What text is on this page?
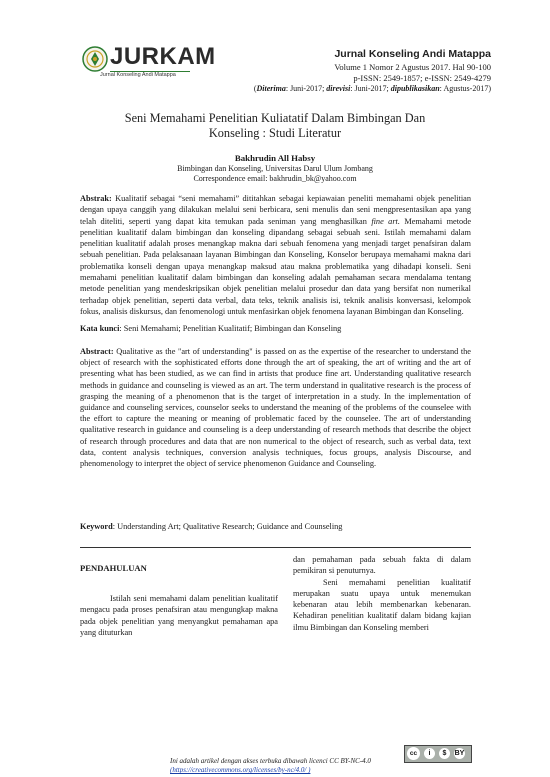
JURKAM
Jurnal Konseling Andi Matappa
Jurnal Konseling Andi Matappa
Volume 1 Nomor 2 Agustus 2017. Hal 90-100
p-ISSN: 2549-1857; e-ISSN: 2549-4279
(Diterima: Juni-2017; direvisi: Juni-2017; dipublikasikan: Agustus-2017)
Seni Memahami Penelitian Kuliatatif Dalam Bimbingan Dan
Konseling : Studi Literatur
Bakhrudin All Habsy
Bimbingan dan Konseling, Universitas Darul Ulum Jombang
Correspondence email: bakhrudin_bk@yahoo.com
Abstrak: Kualitatif sebagai “seni memahami” dititahkan sebagai kepiawaian peneliti memahami objek penelitian dengan upaya canggih yang dilakukan melalui seni berbicara, seni menulis dan seni mengpresentasikan apa yang telah diteliti, seperti yang dapat kita temukan pada seniman yang menghasilkan fine art. Memahami metode penelitian kualitatif dalam bimbingan dan konseling dipandang sebagai sebuah seni. Istilah memahami dalam penelitian kualitatif adalah proses menangkap makna dari sebuah fenomena yang menjadi target penafsiran dalam sebuah penelitian. Pada pelaksanaan layanan Bimbingan dan Konseling, Konselor berupaya memahami makna dari problematika konseli dengan upaya menangkap maksud atau makna problematika yang dihadapi konseli. Seni memahami penelitian kualitatif dalam bimbingan dan konseling adalah pemahaman secara mendalama tentang metode penelitian yang mendeskripsikan objek penelitian melalui prosedur dan data yang bersifat non numerikal terhadap objek penelitian, seperti data verbal, data teks, teknik analisis isi, teknik analisis konversasi, kelompok fokus, analisis diskursus, dan fenomenologi untuk menfasirkan objek fenomena layanan Bimbingan dan Konseling.
Kata kunci: Seni Memahami; Penelitian Kualitatif; Bimbingan dan Konseling
Abstract: Qualitative as the "art of understanding" is passed on as the expertise of the researcher to understand the object of research with the sophisticated efforts done through the art of speaking, the art of writing and the art of presenting what has been studied, as we can find in artists that produce fine art. Understanding qualitative research methods in guidance and counseling is viewed as an art. The term understand in qualitative research is the process of grasping the meaning of a phenomenon that is the target of interpretation in a study. In the implementation of guidance and counseling services, counselor seeks to understand the meaning of the problems of the counselee with the effort to capture the meaning or meaning of problematic faced by the counselee. The art of understanding qualitative research in guidance and counseling is a deep understanding of research methods that describe the object of research through procedures and data that are non numerical to the object of research, such as verbal data, text data, content analysis techniques, conversion analysis techniques, focus groups, analysis Discourse, and phenomenology to interpret the object of service phenomenon Guidance and Counseling.
Keyword: Understanding Art; Qualitative Research; Guidance and Counseling
PENDAHULUAN
Istilah seni memahami dalam penelitian kualitatif mengacu pada proses penafsiran atau mengungkap makna pada objek penelitian yang menyangkut pemahaman apa yang dituturkan
dan pemahaman pada sebuah fakta di dalam pemikiran si penuturnya.
Seni memahami penelitian kualitatif merupakan suatu upaya untuk menemukan kebenaran atau lebih membenarkan kebenaran. Kehadiran penelitian kualitatif dalam bidang kajian ilmu Bimbingan dan Konseling memberi
Ini adalah artikel dengan akses terbuka dibawah licenci CC BY-NC-4.0
(https://creativecommons.org/licenses/by-nc/4.0/ )
cc	i	$	BY
